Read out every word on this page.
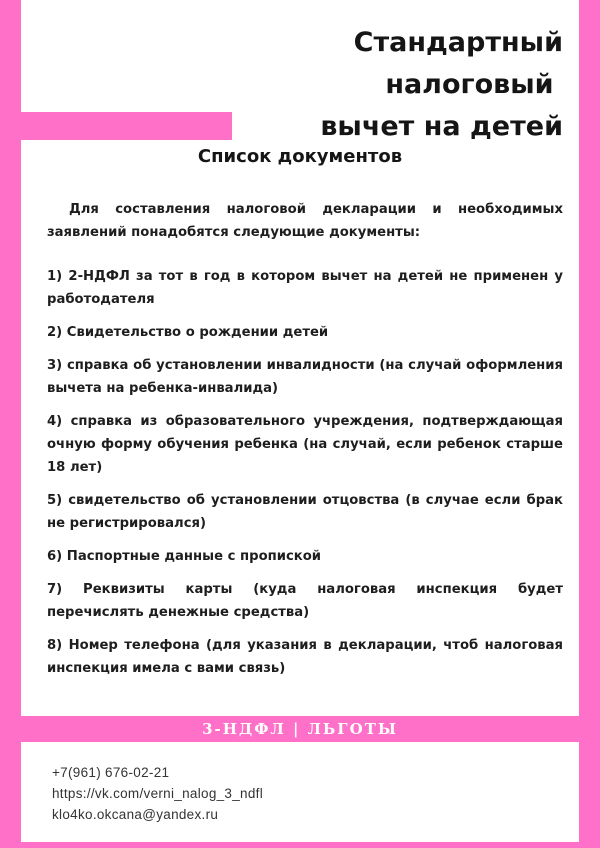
Стандартный
налоговый
вычет на детей
Список документов

Для составления налоговой декларации и необходимых заявлений понадобятся следующие документы:

1) 2-НДФЛ за тот в год в котором вычет на детей не применен у работодателя
2) Свидетельство о рождении детей
3) справка об установлении инвалидности (на случай оформления вычета на ребенка-инвалида)
4) справка из образовательного учреждения, подтверждающая очную форму обучения ребенка (на случай, если ребенок старше 18 лет)
5) свидетельство об установлении отцовства (в случае если брак не регистрировался)
6) Паспортные данные с пропиской
7) Реквизиты карты (куда налоговая инспекция будет перечислять денежные средства)
8) Номер телефона (для указания в декларации, чтоб налоговая инспекция имела с вами связь)
3-НДФЛ | ЛЬГОТЫ
+7(961) 676-02-21
https://vk.com/verni_nalog_3_ndfl
klo4ko.okcana@yandex.ru
